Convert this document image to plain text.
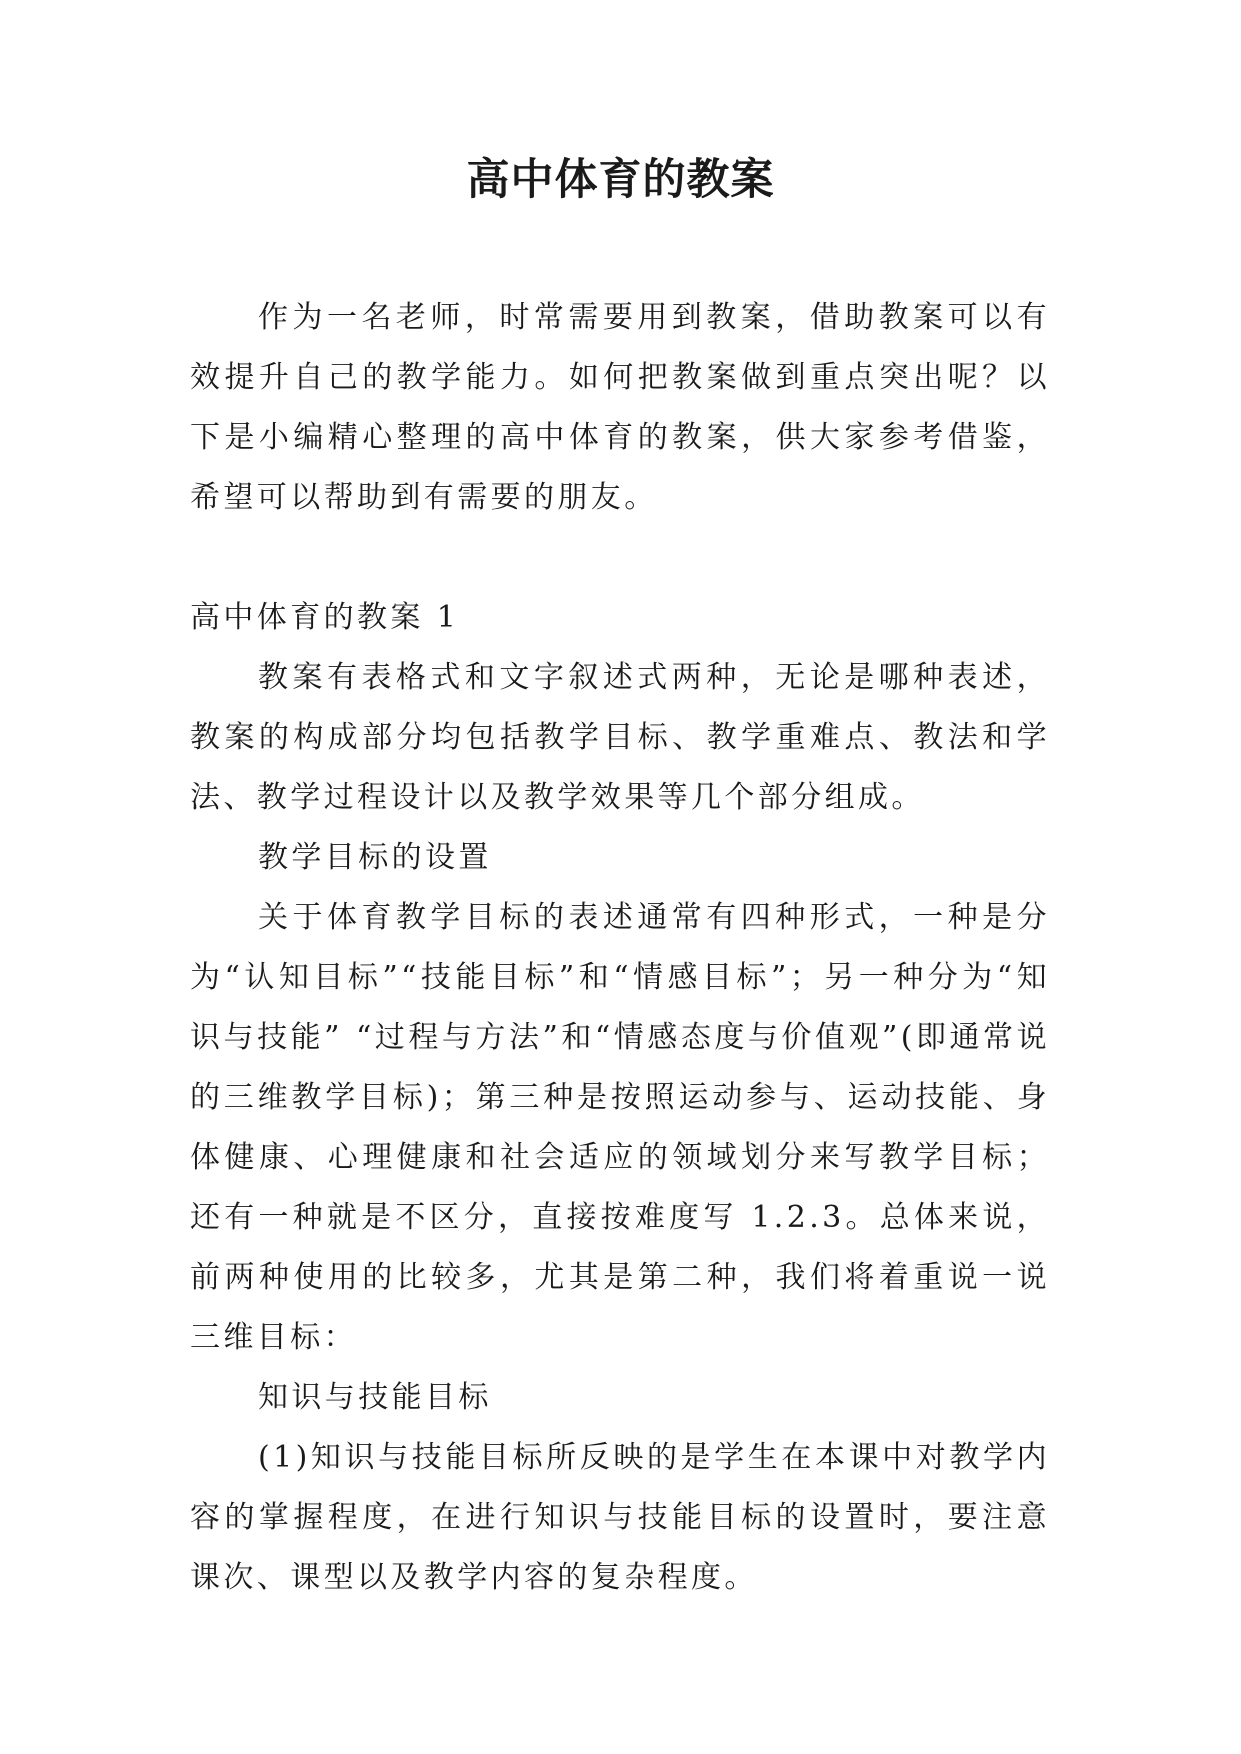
高中体育的教案

作为一名老师，时常需要用到教案，借助教案可以有效提升自己的教学能力。如何把教案做到重点突出呢？以下是小编精心整理的高中体育的教案，供大家参考借鉴，希望可以帮助到有需要的朋友。

高中体育的教案 1

教案有表格式和文字叙述式两种，无论是哪种表述，教案的构成部分均包括教学目标、教学重难点、教法和学法、教学过程设计以及教学效果等几个部分组成。

教学目标的设置

关于体育教学目标的表述通常有四种形式，一种是分为“认知目标”“技能目标”和“情感目标”；另一种分为“知识与技能” “过程与方法”和“情感态度与价值观”(即通常说的三维教学目标)；第三种是按照运动参与、运动技能、身体健康、心理健康和社会适应的领域划分来写教学目标；还有一种就是不区分，直接按难度写 1.2.3。总体来说，前两种使用的比较多，尤其是第二种，我们将着重说一说三维目标：

知识与技能目标

(1)知识与技能目标所反映的是学生在本课中对教学内容的掌握程度，在进行知识与技能目标的设置时，要注意课次、课型以及教学内容的复杂程度。
